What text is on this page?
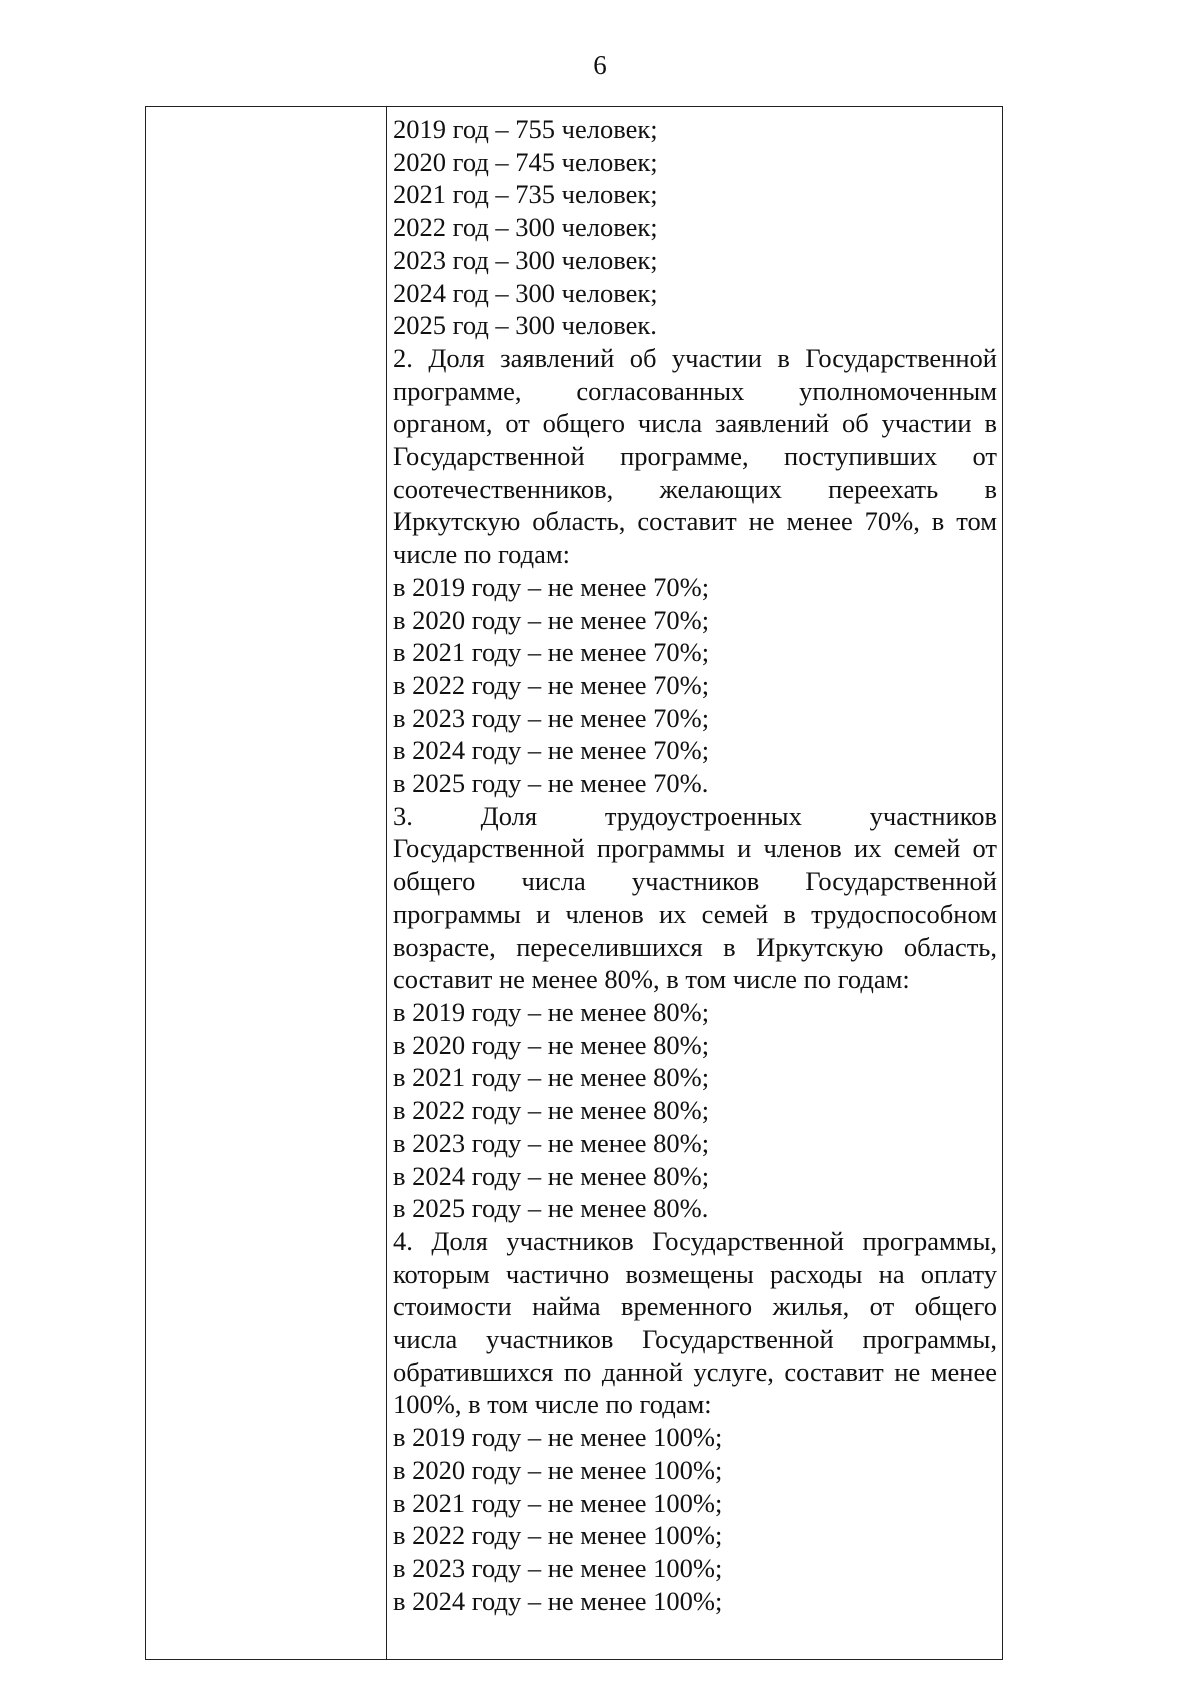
6
2019 год – 755 человек;
2020 год – 745 человек;
2021 год – 735 человек;
2022 год – 300 человек;
2023 год – 300 человек;
2024 год – 300 человек;
2025 год – 300 человек.
2. Доля заявлений об участии в Государственной программе, согласованных уполномоченным органом, от общего числа заявлений об участии в Государственной программе, поступивших от соотечественников, желающих переехать в Иркутскую область, составит не менее 70%, в том числе по годам:
в 2019 году – не менее 70%;
в 2020 году – не менее 70%;
в 2021 году – не менее 70%;
в 2022 году – не менее 70%;
в 2023 году – не менее 70%;
в 2024 году – не менее 70%;
в 2025 году – не менее 70%.
3. Доля трудоустроенных участников Государственной программы и членов их семей от общего числа участников Государственной программы и членов их семей в трудоспособном возрасте, переселившихся в Иркутскую область, составит не менее 80%, в том числе по годам:
в 2019 году – не менее 80%;
в 2020 году – не менее 80%;
в 2021 году – не менее 80%;
в 2022 году – не менее 80%;
в 2023 году – не менее 80%;
в 2024 году – не менее 80%;
в 2025 году – не менее 80%.
4. Доля участников Государственной программы, которым частично возмещены расходы на оплату стоимости найма временного жилья, от общего числа участников Государственной программы, обратившихся по данной услуге, составит не менее 100%, в том числе по годам:
в 2019 году – не менее 100%;
в 2020 году – не менее 100%;
в 2021 году – не менее 100%;
в 2022 году – не менее 100%;
в 2023 году – не менее 100%;
в 2024 году – не менее 100%;
